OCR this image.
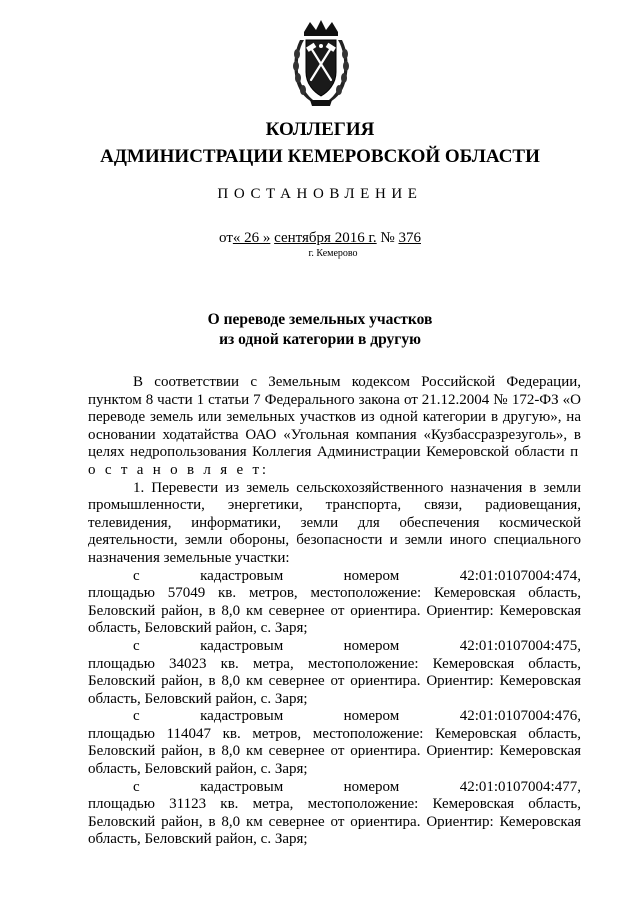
КОЛЛЕГИЯ
АДМИНИСТРАЦИИ КЕМЕРОВСКОЙ ОБЛАСТИ
ПОСТАНОВЛЕНИЕ
от« 26 » сентября 2016 г. № 376
г. Кемерово
О переводе земельных участков
из одной категории в другую

В соответствии с Земельным кодексом Российской Федерации, пунктом 8 части 1 статьи 7 Федерального закона от 21.12.2004 № 172-ФЗ «О переводе земель или земельных участков из одной категории в другую», на основании ходатайства ОАО «Угольная компания «Кузбассразрезуголь», в целях недропользования Коллегия Администрации Кемеровской области п о с т а н о в л я е т:

1. Перевести из земель сельскохозяйственного назначения в земли промышленности, энергетики, транспорта, связи, радиовещания, телевидения, информатики, земли для обеспечения космической деятельности, земли обороны, безопасности и земли иного специального назначения земельные участки:

с	кадастровым	номером	42:01:0107004:474,
площадью 57049 кв. метров, местоположение: Кемеровская область, Беловский район, в 8,0 км севернее от ориентира. Ориентир: Кемеровская область, Беловский район, с. Заря;
с	кадастровым	номером	42:01:0107004:475,
площадью 34023 кв. метра, местоположение: Кемеровская область, Беловский район, в 8,0 км севернее от ориентира. Ориентир: Кемеровская область, Беловский район, с. Заря;
с	кадастровым	номером	42:01:0107004:476,
площадью 114047 кв. метров, местоположение: Кемеровская область, Беловский район, в 8,0 км севернее от ориентира. Ориентир: Кемеровская область, Беловский район, с. Заря;
с	кадастровым	номером	42:01:0107004:477,
площадью 31123 кв. метра, местоположение: Кемеровская область, Беловский район, в 8,0 км севернее от ориентира. Ориентир: Кемеровская область, Беловский район, с. Заря;
